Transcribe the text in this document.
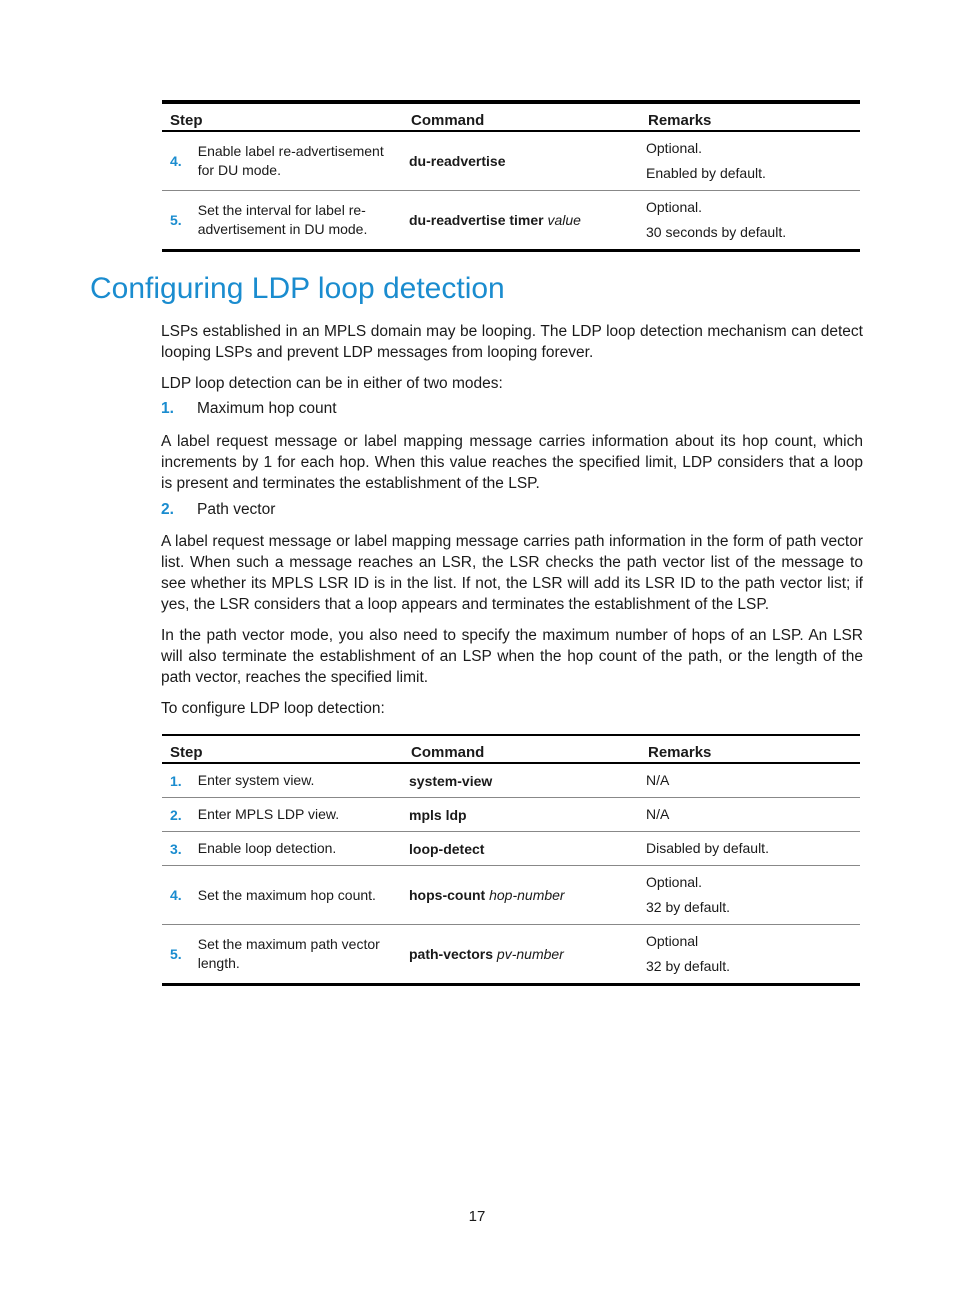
Step		Command	Remarks
4.	Enable label re-advertisement for DU mode.	du-readvertise	Optional.
Enabled by default.

5.	Set the interval for label re-advertisement in DU mode.	du-readvertise timer value	Optional.
30 seconds by default.
Configuring LDP loop detection

LSPs established in an MPLS domain may be looping. The LDP loop detection mechanism can detect looping LSPs and prevent LDP messages from looping forever.

LDP loop detection can be in either of two modes:

1. Maximum hop count

A label request message or label mapping message carries information about its hop count, which increments by 1 for each hop. When this value reaches the specified limit, LDP considers that a loop is present and terminates the establishment of the LSP.

2. Path vector

A label request message or label mapping message carries path information in the form of path vector list. When such a message reaches an LSR, the LSR checks the path vector list of the message to see whether its MPLS LSR ID is in the list. If not, the LSR will add its LSR ID to the path vector list; if yes, the LSR considers that a loop appears and terminates the establishment of the LSP.

In the path vector mode, you also need to specify the maximum number of hops of an LSP. An LSR will also terminate the establishment of an LSP when the hop count of the path, or the length of the path vector, reaches the specified limit.

To configure LDP loop detection:

Step		Command	Remarks
1.	Enter system view.	system-view	N/A

2.	Enter MPLS LDP view.	mpls ldp	N/A

3.	Enable loop detection.	loop-detect	Disabled by default.

4.	Set the maximum hop count.	hops-count hop-number	Optional.
32 by default.

5.	Set the maximum path vector length.	path-vectors pv-number	Optional
32 by default.
17
